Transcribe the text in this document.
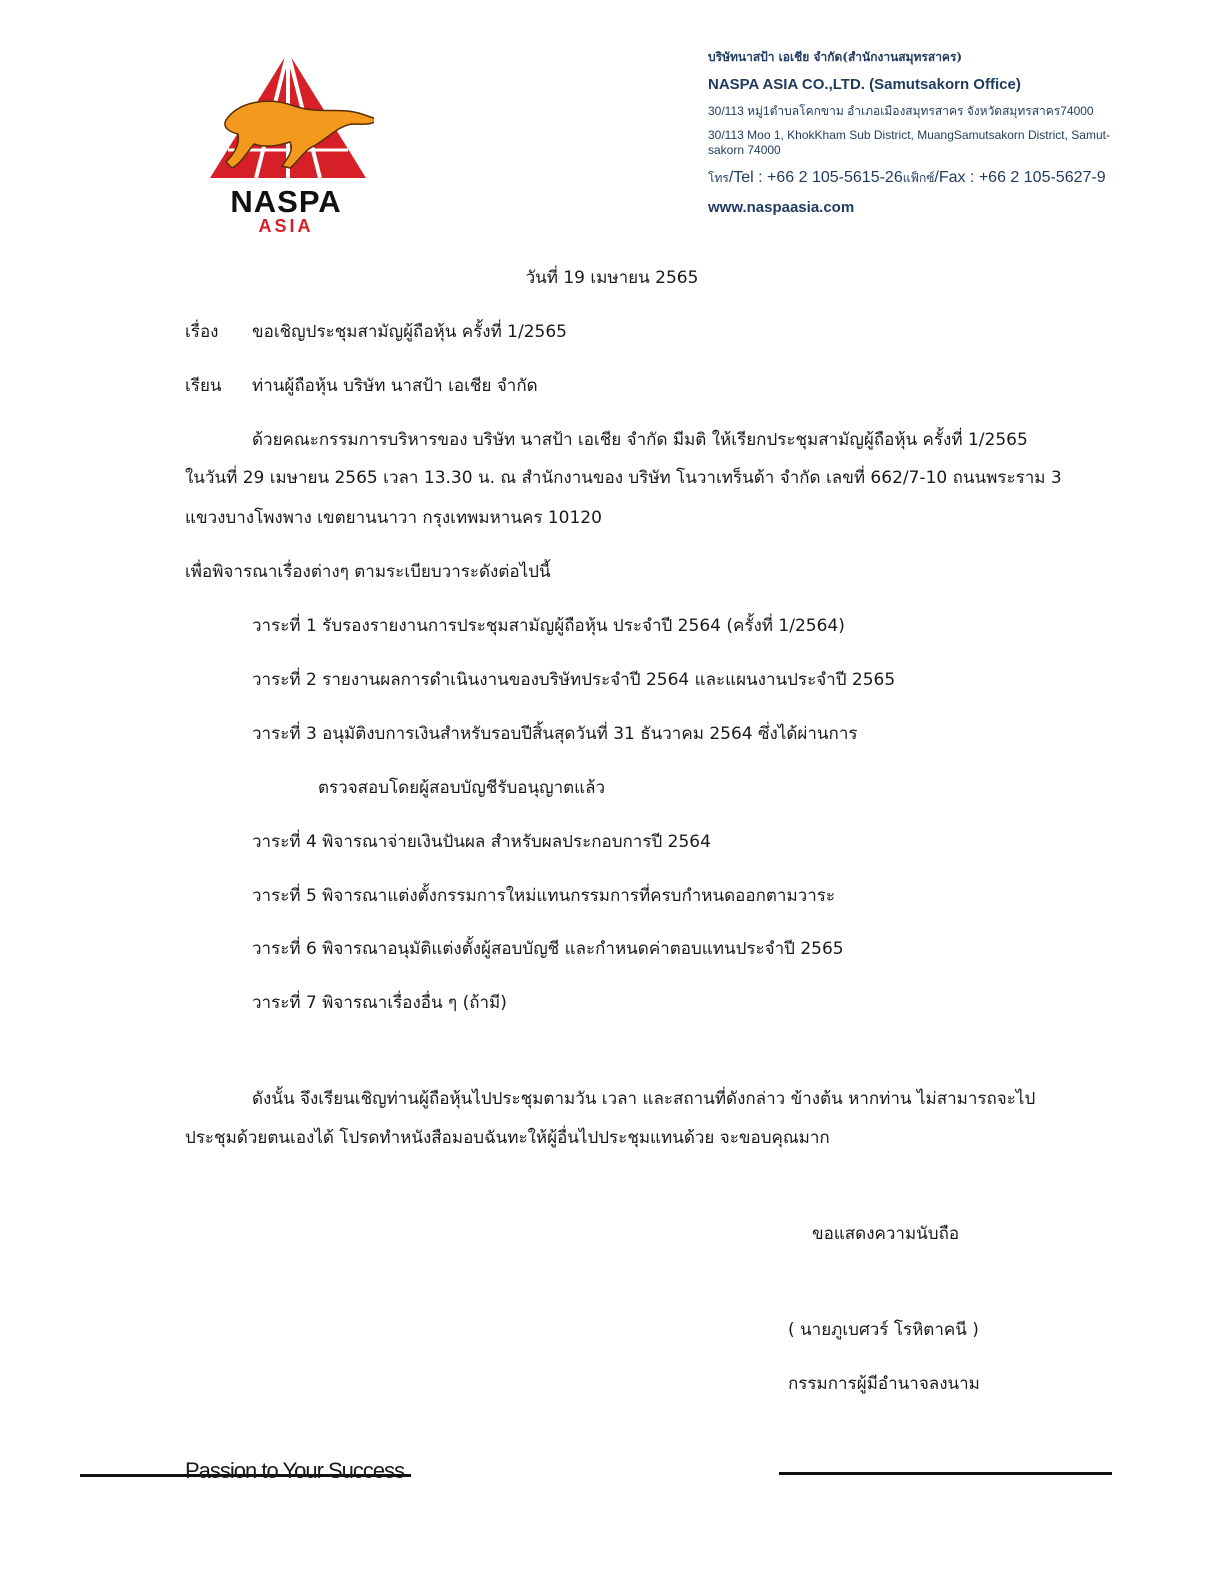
NASPA
ASIA
บริษัทนาสป้า เอเชีย จำกัด(สำนักงานสมุทรสาคร)
NASPA ASIA CO.,LTD. (Samutsakorn Office)
30/113 หมู่1ตำบลโคกขาม อำเภอเมืองสมุทรสาคร จังหวัดสมุทรสาคร74000
30/113 Moo 1, KhokKham Sub District, MuangSamutsakorn District, Samut-sakorn 74000
โทร/Tel : +66 2 105-5615-26แฟ็กซ์/Fax : +66 2 105-5627-9
www.naspaasia.com
วันที่ 19 เมษายน 2565
เรื่อง ขอเชิญประชุมสามัญผู้ถือหุ้น ครั้งที่ 1/2565
เรียน ท่านผู้ถือหุ้น บริษัท นาสป้า เอเชีย จำกัด
ด้วยคณะกรรมการบริหารของ บริษัท นาสป้า เอเชีย จำกัด มีมติ ให้เรียกประชุมสามัญผู้ถือหุ้น ครั้งที่ 1/2565
ในวันที่ 29 เมษายน 2565 เวลา 13.30 น. ณ สำนักงานของ บริษัท โนวาเทร็นด้า จำกัด เลขที่ 662/7-10 ถนนพระราม 3
แขวงบางโพงพาง เขตยานนาวา กรุงเทพมหานคร 10120
เพื่อพิจารณาเรื่องต่างๆ ตามระเบียบวาระดังต่อไปนี้
วาระที่ 1 รับรองรายงานการประชุมสามัญผู้ถือหุ้น ประจำปี 2564 (ครั้งที่ 1/2564)
วาระที่ 2 รายงานผลการดำเนินงานของบริษัทประจำปี 2564 และแผนงานประจำปี 2565
วาระที่ 3 อนุมัติงบการเงินสำหรับรอบปีสิ้นสุดวันที่ 31 ธันวาคม 2564 ซึ่งได้ผ่านการ
ตรวจสอบโดยผู้สอบบัญชีรับอนุญาตแล้ว
วาระที่ 4 พิจารณาจ่ายเงินปันผล สำหรับผลประกอบการปี 2564
วาระที่ 5 พิจารณาแต่งตั้งกรรมการใหม่แทนกรรมการที่ครบกำหนดออกตามวาระ
วาระที่ 6 พิจารณาอนุมัติแต่งตั้งผู้สอบบัญชี และกำหนดค่าตอบแทนประจำปี 2565
วาระที่ 7 พิจารณาเรื่องอื่น ๆ (ถ้ามี)
ดังนั้น จึงเรียนเชิญท่านผู้ถือหุ้นไปประชุมตามวัน เวลา และสถานที่ดังกล่าว ข้างต้น หากท่าน ไม่สามารถจะไป
ประชุมด้วยตนเองได้ โปรดทำหนังสือมอบฉันทะให้ผู้อื่นไปประชุมแทนด้วย จะขอบคุณมาก
ขอแสดงความนับถือ
( นายภูเบศวร์ โรหิตาคนี )
กรรมการผู้มีอำนาจลงนาม
Passion to Your Success
